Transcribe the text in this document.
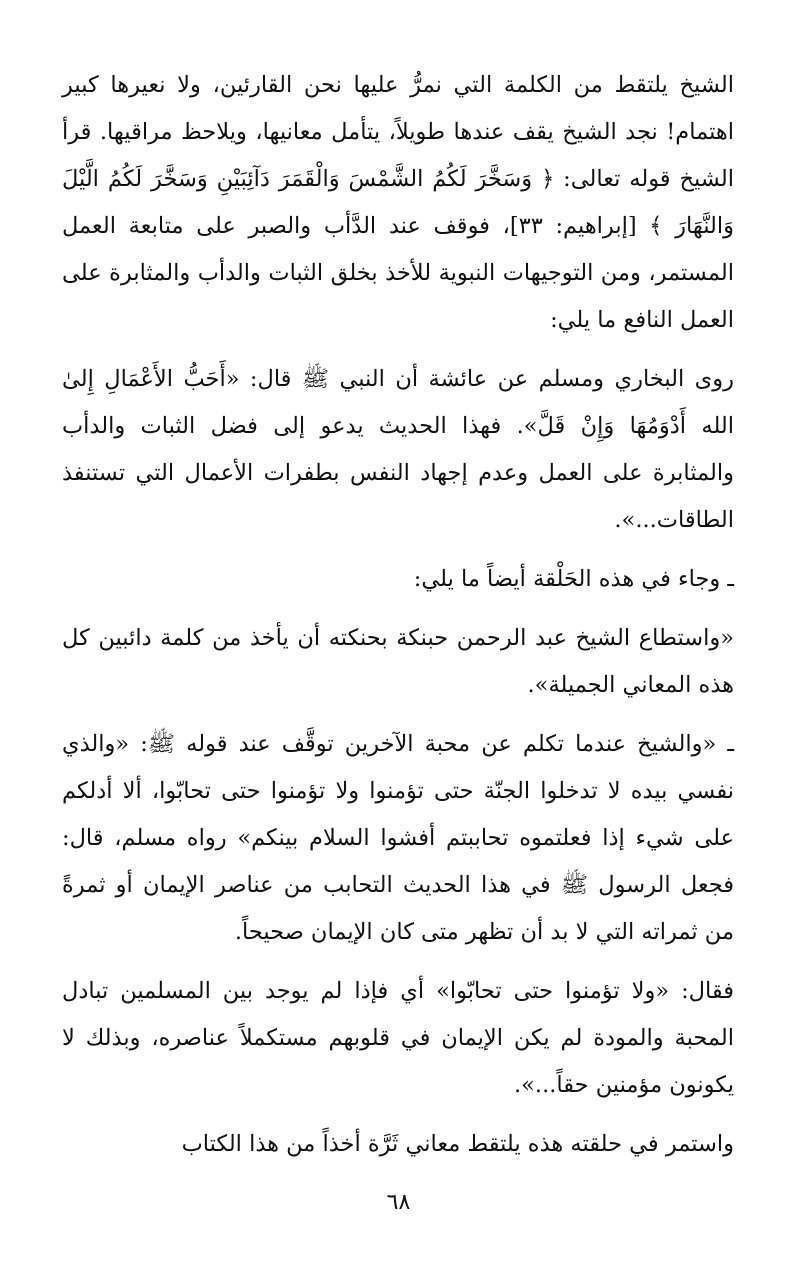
الشيخ يلتقط من الكلمة التي نمرُّ عليها نحن القارئين، ولا نعيرها كبير اهتمام! نجد الشيخ يقف عندها طويلاً، يتأمل معانيها، ويلاحظ مراقيها. قرأ الشيخ قوله تعالى: ﴿ وَسَخَّرَ لَكُمُ الشَّمْسَ وَالْقَمَرَ دَآئِبَيْنِ وَسَخَّرَ لَكُمُ الَّيْلَ وَالنَّهَارَ ﴾ [إبراهيم: ٣٣]، فوقف عند الدَّأب والصبر على متابعة العمل المستمر، ومن التوجيهات النبوية للأخذ بخلق الثبات والدأب والمثابرة على العمل النافع ما يلي:

روى البخاري ومسلم عن عائشة أن النبي ﷺ قال: «أَحَبُّ الأَعْمَالِ إِلىٰ الله أَدْوَمُهَا وَإِنْ قَلَّ». فهذا الحديث يدعو إلى فضل الثبات والدأب والمثابرة على العمل وعدم إجهاد النفس بطفرات الأعمال التي تستنفذ الطاقات...».

ـ وجاء في هذه الحَلْقة أيضاً ما يلي:

«واستطاع الشيخ عبد الرحمن حبنكة بحنكته أن يأخذ من كلمة دائبين كل هذه المعاني الجميلة».

ـ «والشيخ عندما تكلم عن محبة الآخرين توقَّف عند قوله ﷺ: «والذي نفسي بيده لا تدخلوا الجنّة حتى تؤمنوا ولا تؤمنوا حتى تحابّوا، ألا أدلكم على شيء إذا فعلتموه تحاببتم أفشوا السلام بينكم» رواه مسلم، قال: فجعل الرسول ﷺ في هذا الحديث التحابب من عناصر الإيمان أو ثمرةً من ثمراته التي لا بد أن تظهر متى كان الإيمان صحيحاً.

فقال: «ولا تؤمنوا حتى تحابّوا» أي فإذا لم يوجد بين المسلمين تبادل المحبة والمودة لم يكن الإيمان في قلوبهم مستكملاً عناصره، وبذلك لا يكونون مؤمنين حقاً...».

واستمر في حلقته هذه يلتقط معاني ثَرَّة أخذاً من هذا الكتاب

٦٨
